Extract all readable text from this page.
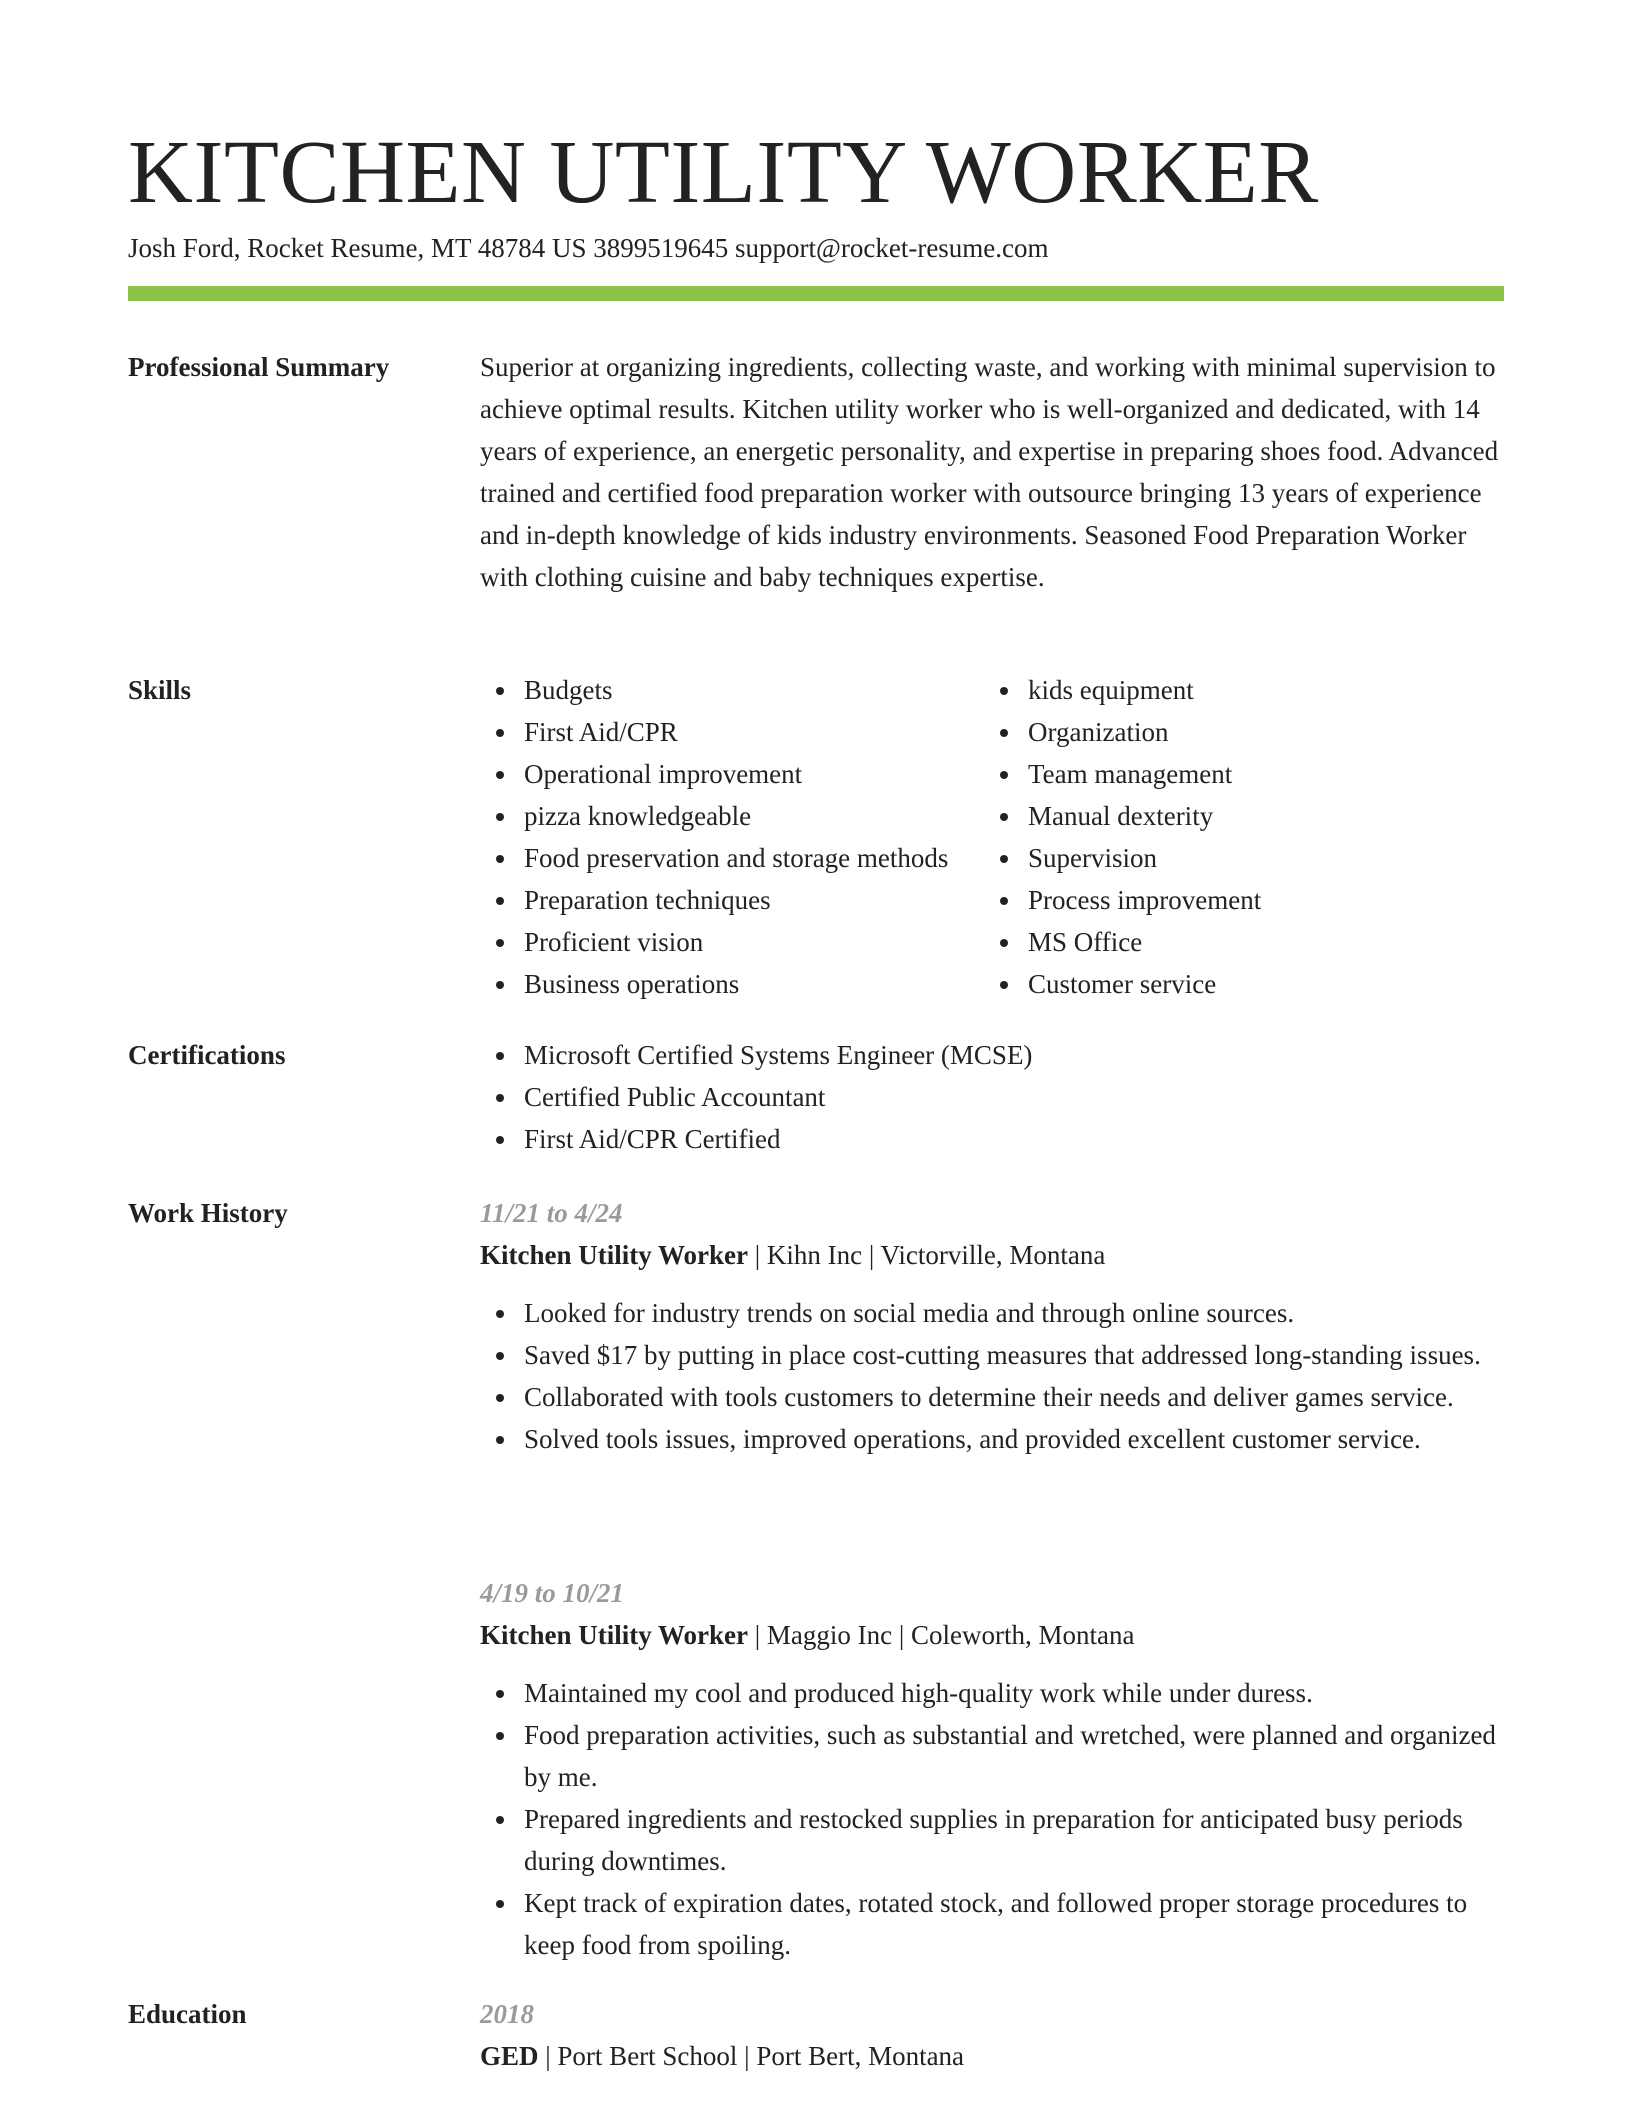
KITCHEN UTILITY WORKER
Josh Ford, Rocket Resume, MT 48784 US 3899519645 support@rocket-resume.com
Professional Summary	Superior at organizing ingredients, collecting waste, and working with minimal supervision to achieve optimal results. Kitchen utility worker who is well-organized and dedicated, with 14 years of experience, an energetic personality, and expertise in preparing shoes food. Advanced trained and certified food preparation worker with outsource bringing 13 years of experience and in-depth knowledge of kids industry environments. Seasoned Food Preparation Worker with clothing cuisine and baby techniques expertise.

Skills	Budgets
First Aid/CPR
Operational improvement
pizza knowledgeable
Food preservation and storage methods
Preparation techniques
Proficient vision
Business operations
kids equipment
Organization
Team management
Manual dexterity
Supervision
Process improvement
MS Office
Customer service
Certifications	Microsoft Certified Systems Engineer (MCSE)
Certified Public Accountant
First Aid/CPR Certified
Work History	11/21 to 4/24
Kitchen Utility Worker | Kihn Inc | Victorville, Montana
Looked for industry trends on social media and through online sources.
Saved $17 by putting in place cost-cutting measures that addressed long-standing issues.
Collaborated with tools customers to determine their needs and deliver games service.
Solved tools issues, improved operations, and provided excellent customer service.
4/19 to 10/21
Kitchen Utility Worker | Maggio Inc | Coleworth, Montana
Maintained my cool and produced high-quality work while under duress.
Food preparation activities, such as substantial and wretched, were planned and organized by me.
Prepared ingredients and restocked supplies in preparation for anticipated busy periods during downtimes.
Kept track of expiration dates, rotated stock, and followed proper storage procedures to keep food from spoiling.
Education	2018
GED | Port Bert School | Port Bert, Montana
